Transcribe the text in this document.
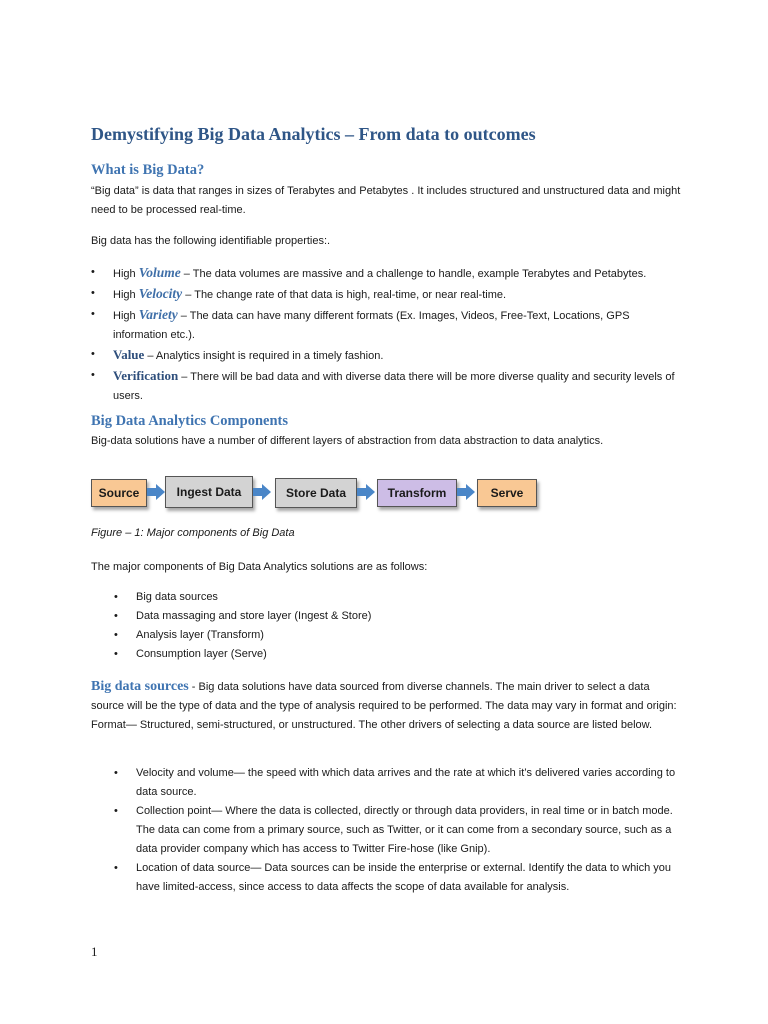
Demystifying Big Data Analytics – From data to outcomes
What is Big Data?

“Big data” is data that ranges in sizes of Terabytes and Petabytes . It includes structured and unstructured data and might need to be processed real-time.

Big data has the following identifiable properties:.

• High Volume – The data volumes are massive and a challenge to handle, example Terabytes and Petabytes.
• High Velocity – The change rate of that data is high, real-time, or near real-time.
• High Variety – The data can have many different formats (Ex. Images, Videos, Free-Text, Locations, GPS information etc.).
• Value – Analytics insight is required in a timely fashion.
• Verification – There will be bad data and with diverse data there will be more diverse quality and security levels of users.
Big Data Analytics Components

Big-data solutions have a number of different layers of abstraction from data abstraction to data analytics.

Source	Ingest Data	Store Data	Transform	Serve

Figure – 1: Major components of Big Data

The major components of Big Data Analytics solutions are as follows:

• Big data sources
• Data massaging and store layer (Ingest & Store)
• Analysis layer (Transform)
• Consumption layer (Serve)

Big data sources - Big data solutions have data sourced from diverse channels. The main driver to select a data source will be the type of data and the type of analysis required to be performed. The data may vary in format and origin: Format— Structured, semi-structured, or unstructured. The other drivers of selecting a data source are listed below.

• Velocity and volume— the speed with which data arrives and the rate at which it’s delivered varies according to data source.
• Collection point— Where the data is collected, directly or through data providers, in real time or in batch mode. The data can come from a primary source, such as Twitter, or it can come from a secondary source, such as a data provider company which has access to Twitter Fire-hose (like Gnip).
• Location of data source— Data sources can be inside the enterprise or external. Identify the data to which you have limited-access, since access to data affects the scope of data available for analysis.

1
